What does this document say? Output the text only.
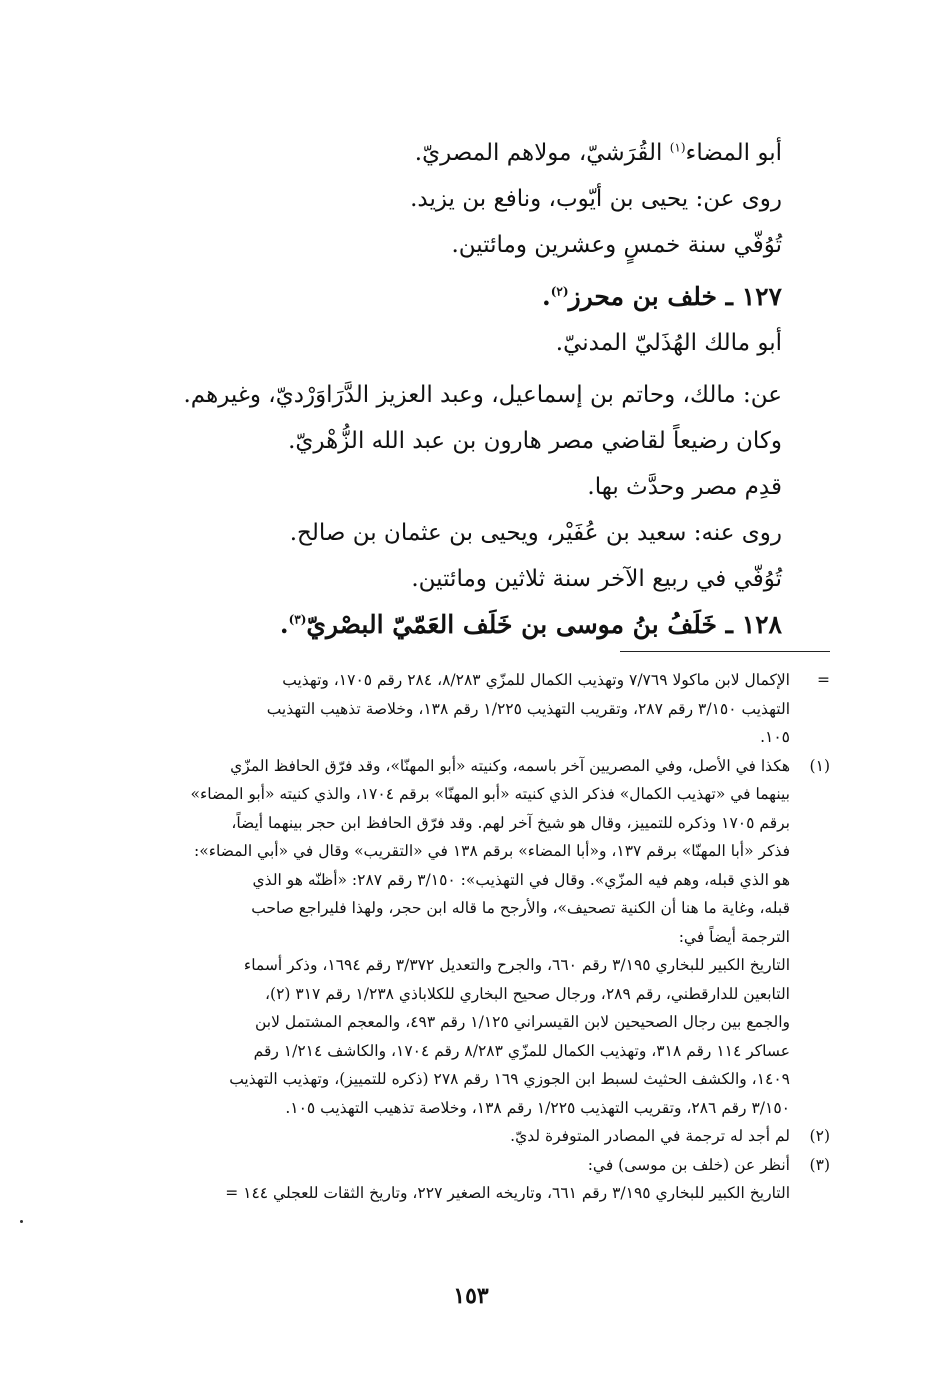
أبو المضاء$^{(١)}$ القُرَشيّ، مولاهم المصريّ.
روى عن: يحيى بن أيّوب، ونافع بن يزيد.
تُوُفّي سنة خمسٍ وعشرين ومائتين.
١٢٧ ـ خلف بن محرز$^{(٢)}$.
أبو مالك الهُذَليّ المدنيّ.
عن: مالك، وحاتم بن إسماعيل، وعبد العزيز الدَّرَاوَرْديّ، وغيرهم.
وكان رضيعاً لقاضي مصر هارون بن عبد الله الزُّهْريّ.
قدِم مصر وحدَّث بها.
روى عنه: سعيد بن عُفَيْر، ويحيى بن عثمان بن صالح.
تُوُفّي في ربيع الآخر سنة ثلاثين ومائتين.
١٢٨ ـ خَلَفُ بنُ موسى بن خَلَف العَمّيّ البصْريّ$^{(٣)}$.
=
الإكمال لابن ماكولا ٧/٧٦٩ وتهذيب الكمال للمزّي ٨/٢٨٣، ٢٨٤ رقم ١٧٠٥، وتهذيب
التهذيب ٣/١٥٠ رقم ٢٨٧، وتقريب التهذيب ١/٢٢٥ رقم ١٣٨، وخلاصة تذهيب التهذيب
١٠٥.
(١)
هكذا في الأصل، وفي المصريين آخر باسمه، وكنيته «أبو المهنّا»، وقد فرّق الحافظ المزّي
بينهما في «تهذيب الكمال» فذكر الذي كنيته «أبو المهنّا» برقم ١٧٠٤، والذي كنيته «أبو المضاء»
برقم ١٧٠٥ وذكره للتمييز، وقال هو شيخ آخر لهم. وقد فرّق الحافظ ابن حجر بينهما أيضاً،
فذكر «أبا المهنّا» برقم ١٣٧، و«أبا المضاء» برقم ١٣٨ في «التقريب» وقال في «أبي المضاء»:
هو الذي قبله، وهم فيه المزّي». وقال في التهذيب»: ٣/١٥٠ رقم ٢٨٧: «أظنّه هو الذي
قبله، وغاية ما هنا أن الكنية تصحيف»، والأرجح ما قاله ابن حجر، ولهذا فليراجع صاحب
الترجمة أيضاً في:
التاريخ الكبير للبخاري ٣/١٩٥ رقم ٦٦٠، والجرح والتعديل ٣/٣٧٢ رقم ١٦٩٤، وذكر أسماء
التابعين للدارقطني، رقم ٢٨٩، ورجال صحيح البخاري للكلاباذي ١/٢٣٨ رقم ٣١٧ (٢)،
والجمع بين رجال الصحيحين لابن القيسراني ١/١٢٥ رقم ٤٩٣، والمعجم المشتمل لابن
عساكر ١١٤ رقم ٣١٨، وتهذيب الكمال للمزّي ٨/٢٨٣ رقم ١٧٠٤، والكاشف ١/٢١٤ رقم
١٤٠٩، والكشف الحثيث لسبط ابن الجوزي ١٦٩ رقم ٢٧٨ (ذكره للتمييز)، وتهذيب التهذيب
٣/١٥٠ رقم ٢٨٦، وتقريب التهذيب ١/٢٢٥ رقم ١٣٨، وخلاصة تذهيب التهذيب ١٠٥.
(٢)
لم أجد له ترجمة في المصادر المتوفرة لديّ.
(٣)
أنظر عن (خلف بن موسى) في:
التاريخ الكبير للبخاري ٣/١٩٥ رقم ٦٦١، وتاريخه الصغير ٢٢٧، وتاريخ الثقات للعجلي ١٤٤ =
١٥٣
